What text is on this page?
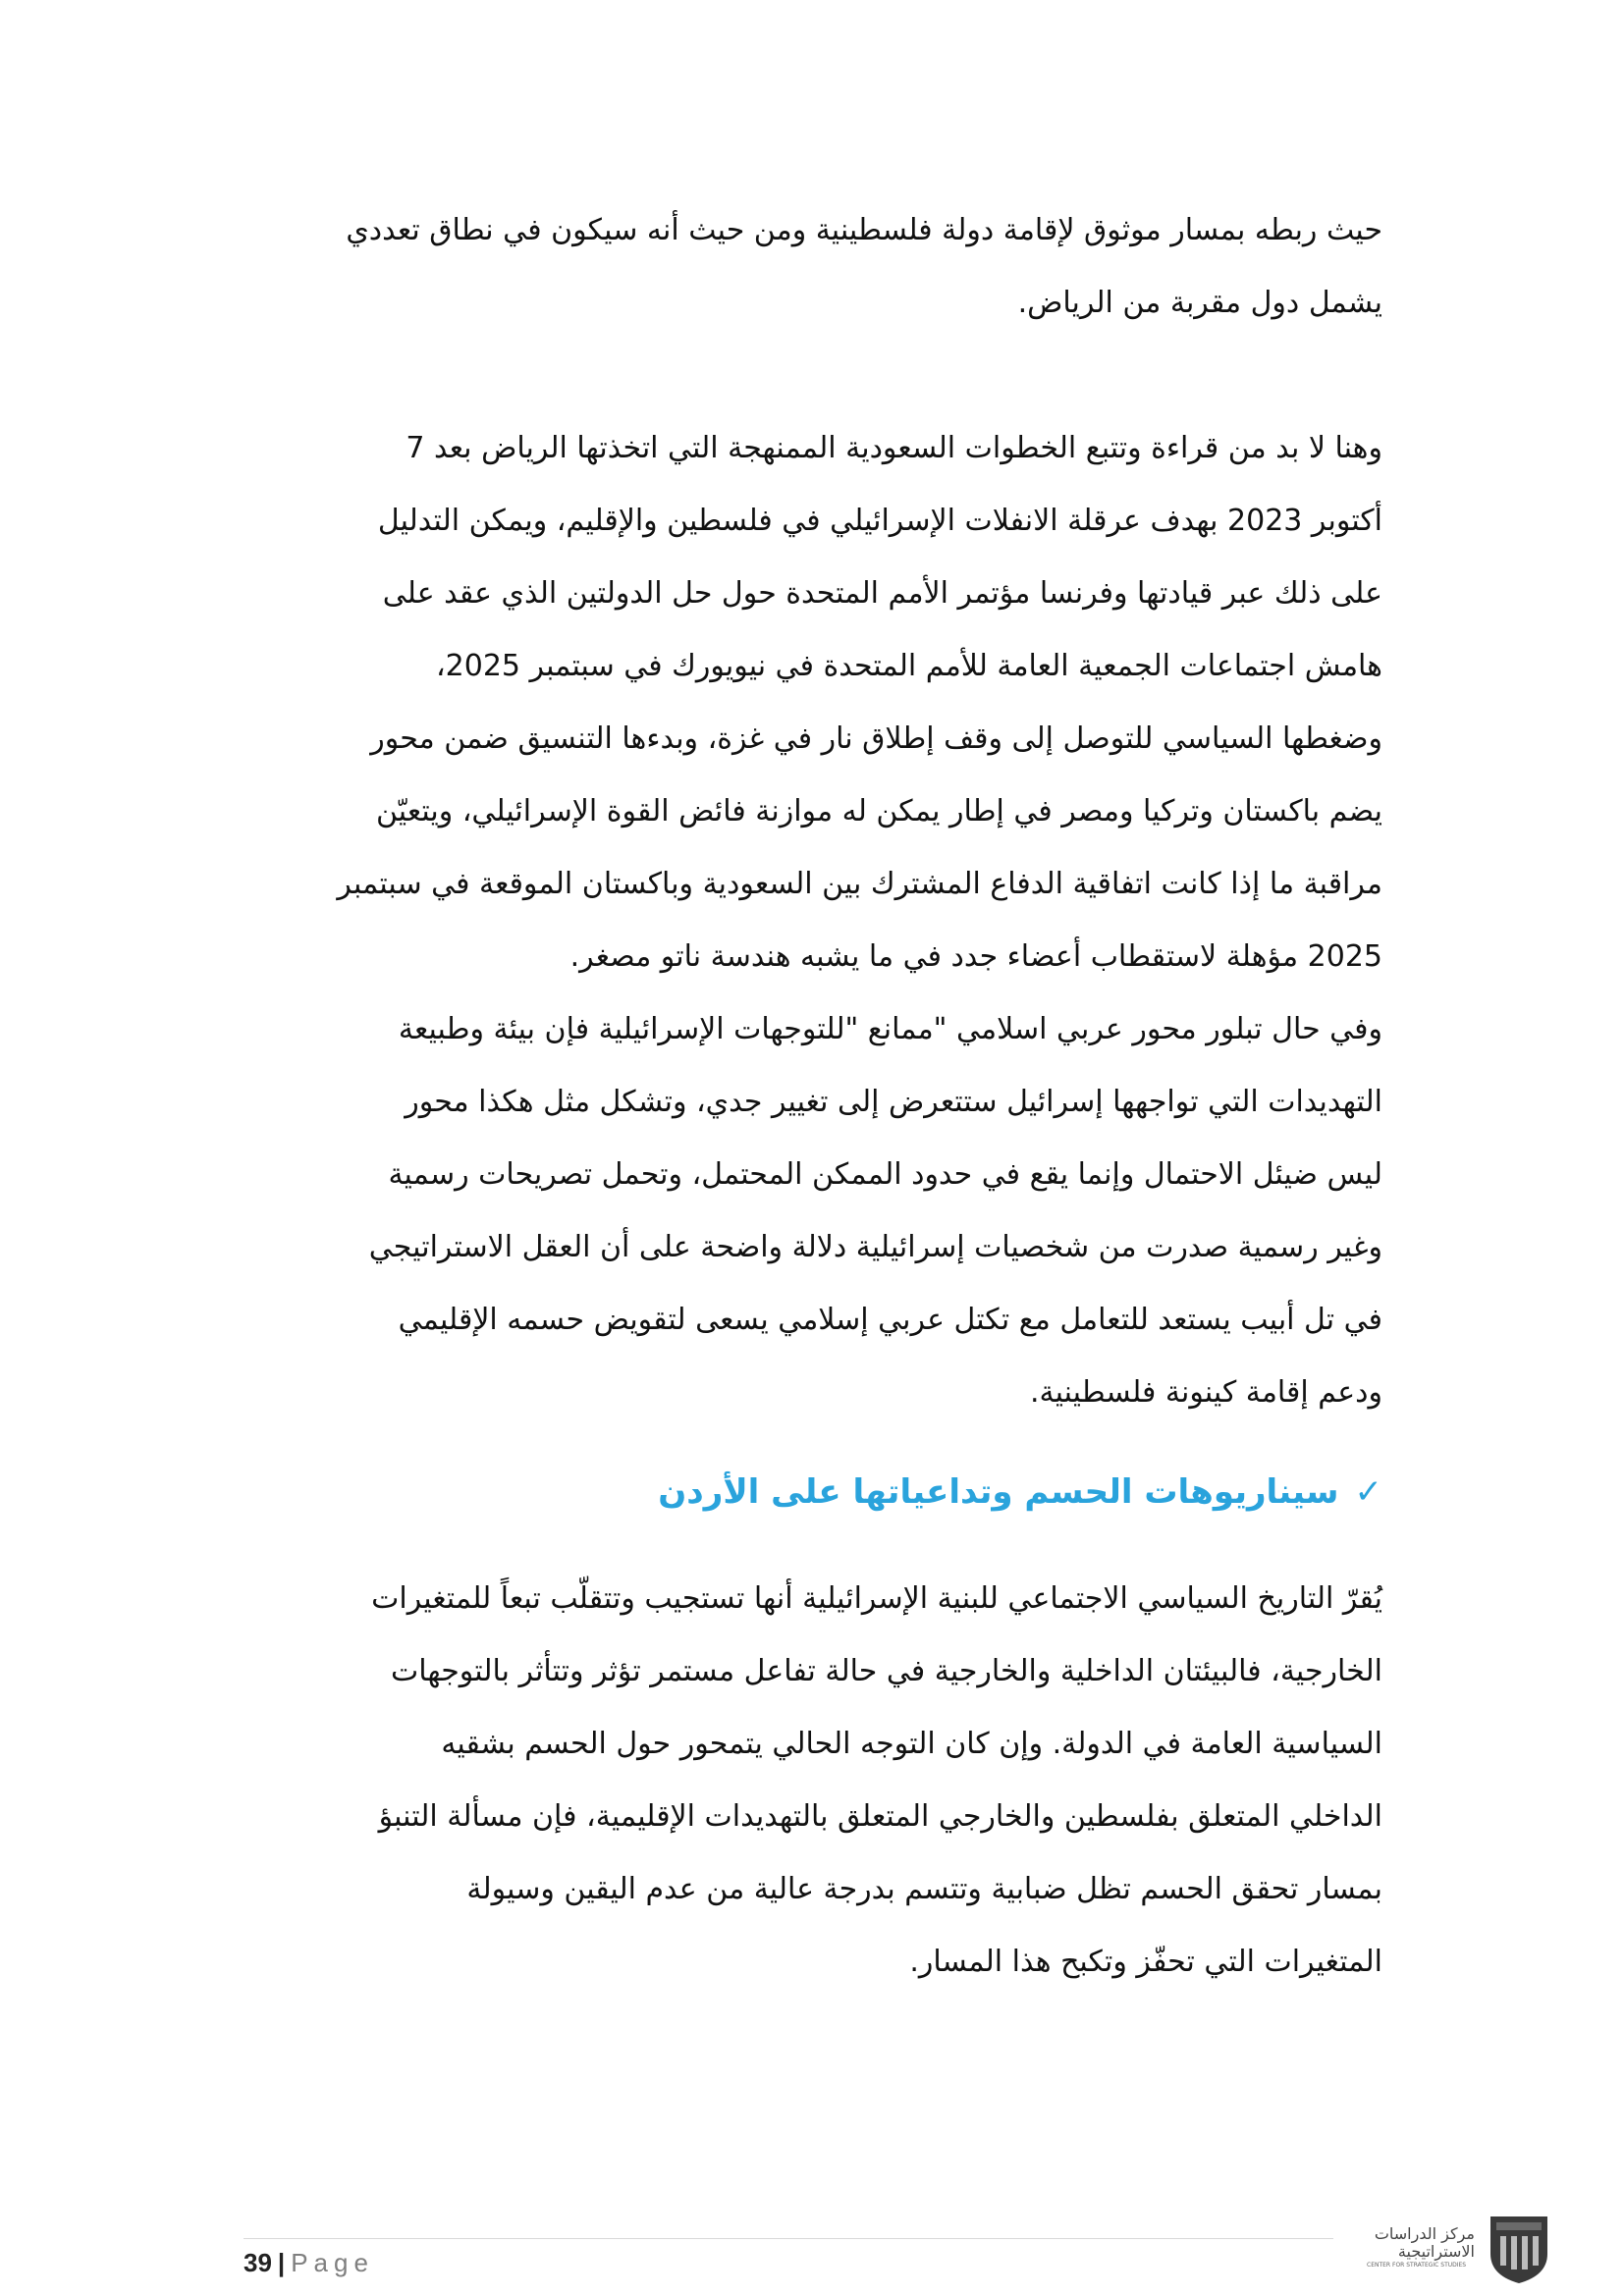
حيث ربطه بمسار موثوق لإقامة دولة فلسطينية ومن حيث أنه سيكون في نطاق تعددي

يشمل دول مقربة من الرياض.

وهنا لا بد من قراءة وتتبع الخطوات السعودية الممنهجة التي اتخذتها الرياض بعد 7

أكتوبر 2023 بهدف عرقلة الانفلات الإسرائيلي في فلسطين والإقليم، ويمكن التدليل

على ذلك عبر قيادتها وفرنسا مؤتمر الأمم المتحدة حول حل الدولتين الذي عقد على

هامش اجتماعات الجمعية العامة للأمم المتحدة في نيويورك في سبتمبر 2025،

وضغطها السياسي للتوصل إلى وقف إطلاق نار في غزة، وبدءها التنسيق ضمن محور

يضم باكستان وتركيا ومصر في إطار يمكن له موازنة فائض القوة الإسرائيلي، ويتعيّن

مراقبة ما إذا كانت اتفاقية الدفاع المشترك بين السعودية وباكستان الموقعة في سبتمبر

2025 مؤهلة لاستقطاب أعضاء جدد في ما يشبه هندسة ناتو مصغر.

وفي حال تبلور محور عربي اسلامي "ممانع "للتوجهات الإسرائيلية فإن بيئة وطبيعة

التهديدات التي تواجهها إسرائيل ستتعرض إلى تغيير جدي، وتشكل مثل هكذا محور

ليس ضيئل الاحتمال وإنما يقع في حدود الممكن المحتمل، وتحمل تصريحات رسمية

وغير رسمية صدرت من شخصيات إسرائيلية دلالة واضحة على أن العقل الاستراتيجي

في تل أبيب يستعد للتعامل مع تكتل عربي إسلامي يسعى لتقويض حسمه الإقليمي

ودعم إقامة كينونة فلسطينية.

✓سيناريوهات الحسم وتداعياتها على الأردن

يُقرّ التاريخ السياسي الاجتماعي للبنية الإسرائيلية أنها تستجيب وتتقلّب تبعاً للمتغيرات

الخارجية، فالبيئتان الداخلية والخارجية في حالة تفاعل مستمر تؤثر وتتأثر بالتوجهات

السياسية العامة في الدولة. وإن كان التوجه الحالي يتمحور حول الحسم بشقيه

الداخلي المتعلق بفلسطين والخارجي المتعلق بالتهديدات الإقليمية، فإن مسألة التنبؤ

بمسار تحقق الحسم تظل ضبابية وتتسم بدرجة عالية من عدم اليقين وسيولة

المتغيرات التي تحفّز وتكبح هذا المسار.

39 | Page
مركز الدراسات
الاستراتيجية
CENTER FOR STRATEGIC STUDIES
